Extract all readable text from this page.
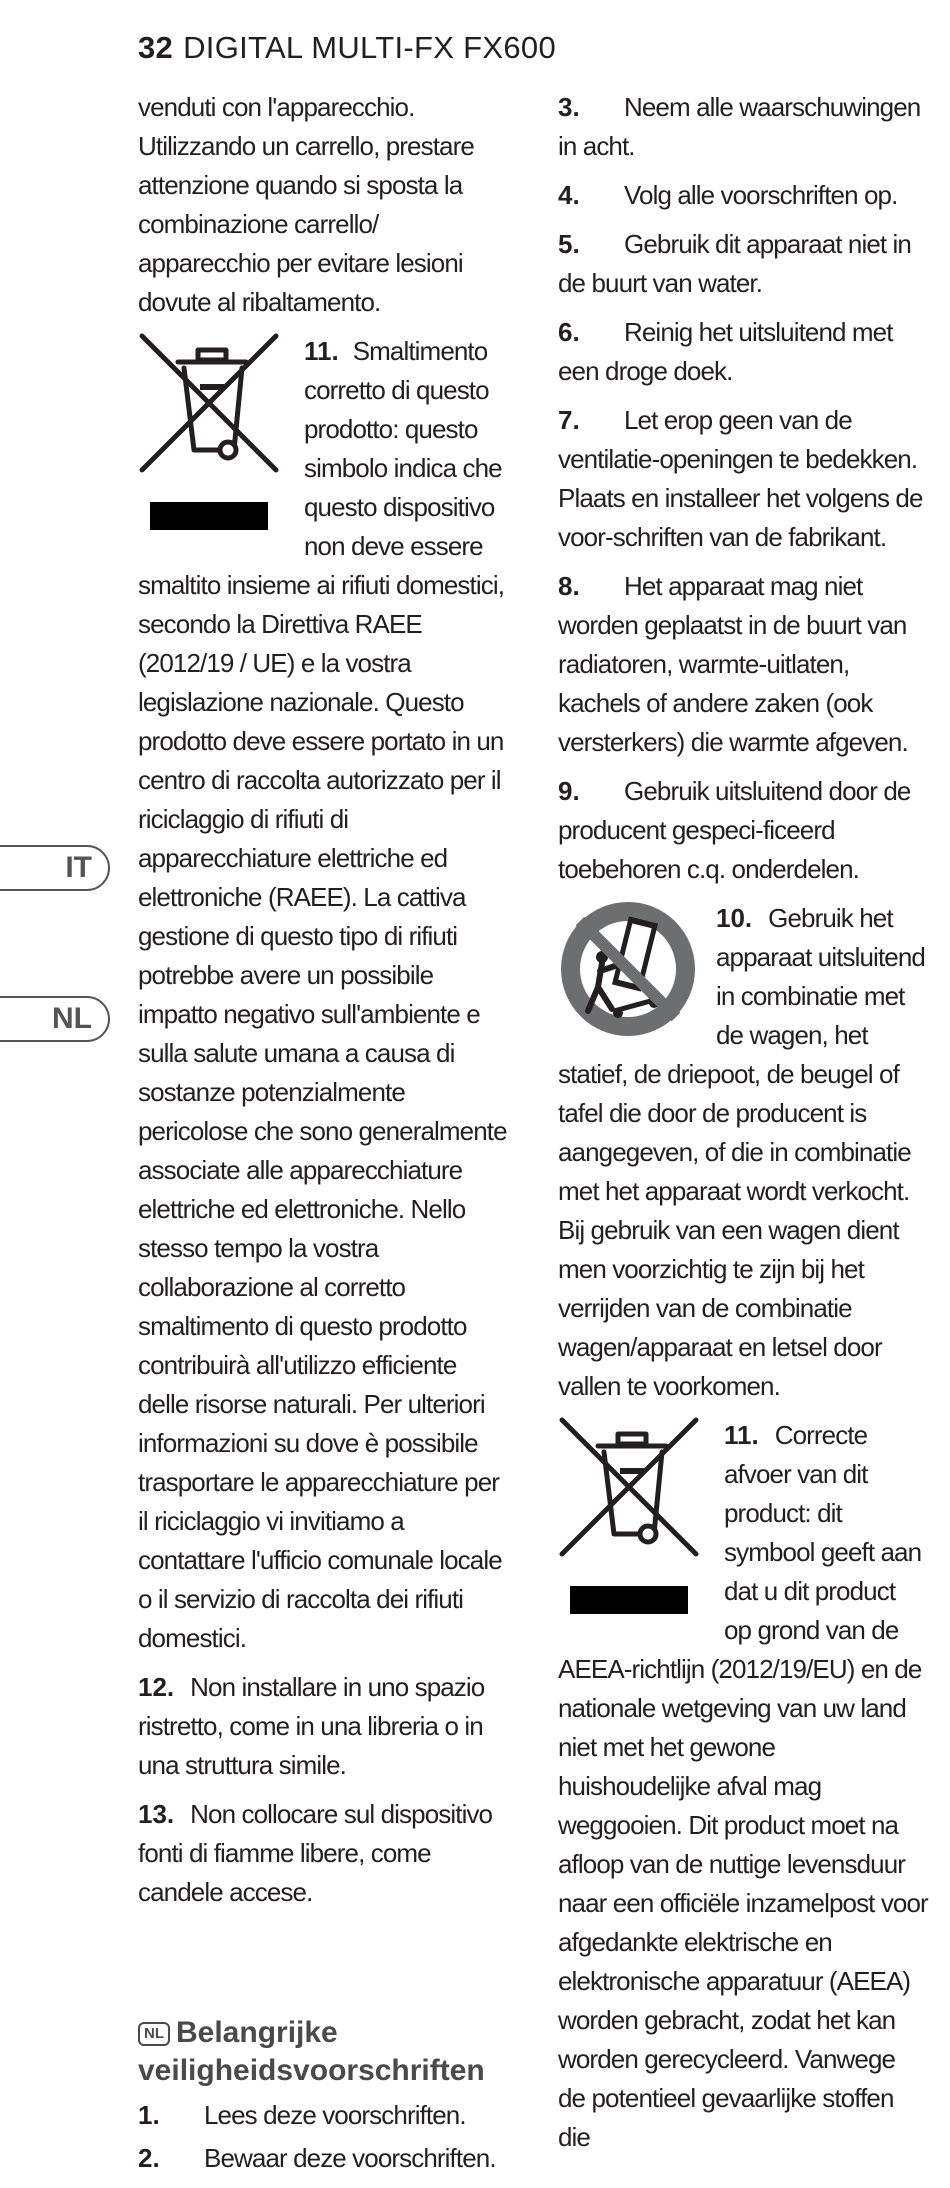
32 DIGITAL MULTI-FX FX600
IT
NL

venduti con l'apparecchio. Utilizzando un carrello, prestare attenzione quando si sposta la combinazione carrello/ apparecchio per evitare lesioni dovute al ribaltamento.

11. Smaltimento corretto di questo prodotto: questo simbolo indica che questo dispositivo non deve essere smaltito insieme ai rifiuti domestici, secondo la Direttiva RAEE (2012/19 / UE) e la vostra legislazione nazionale. Questo prodotto deve essere portato in un centro di raccolta autorizzato per il riciclaggio di rifiuti di apparecchiature elettriche ed elettroniche (RAEE). La cattiva gestione di questo tipo di rifiuti potrebbe avere un possibile impatto negativo sull'ambiente e sulla salute umana a causa di sostanze potenzialmente pericolose che sono generalmente associate alle apparecchiature elettriche ed elettroniche. Nello stesso tempo la vostra collaborazione al corretto smaltimento di questo prodotto contribuirà all'utilizzo efficiente delle risorse naturali. Per ulteriori informazioni su dove è possibile trasportare le apparecchiature per il riciclaggio vi invitiamo a contattare l'ufficio comunale locale o il servizio di raccolta dei rifiuti domestici.

12. Non installare in uno spazio ristretto, come in una libreria o in una struttura simile.

13. Non collocare sul dispositivo fonti di fiamme libere, come candele accese.

NL Belangrijke veiligheidsvoorschriften

1. Lees deze voorschriften.

2. Bewaar deze voorschriften.

3. Neem alle waarschuwingen in acht.

4. Volg alle voorschriften op.

5. Gebruik dit apparaat niet in de buurt van water.

6. Reinig het uitsluitend met een droge doek.

7. Let erop geen van de ventilatie-openingen te bedekken. Plaats en installeer het volgens de voor-schriften van de fabrikant.

8. Het apparaat mag niet worden geplaatst in de buurt van radiatoren, warmte-uitlaten, kachels of andere zaken (ook versterkers) die warmte afgeven.

9. Gebruik uitsluitend door de producent gespeci-ficeerd toebehoren c.q. onderdelen.

10. Gebruik het apparaat uitsluitend in combinatie met de wagen, het statief, de driepoot, de beugel of tafel die door de producent is aangegeven, of die in combinatie met het apparaat wordt verkocht. Bij gebruik van een wagen dient men voorzichtig te zijn bij het verrijden van de combinatie wagen/apparaat en letsel door vallen te voorkomen.

11. Correcte afvoer van dit product: dit symbool geeft aan dat u dit product op grond van de AEEA-richtlijn (2012/19/EU) en de nationale wetgeving van uw land niet met het gewone huishoudelijke afval mag weggooien. Dit product moet na afloop van de nuttige levensduur naar een officiële inzamelpost voor afgedankte elektrische en elektronische apparatuur (AEEA) worden gebracht, zodat het kan worden gerecycleerd. Vanwege de potentieel gevaarlijke stoffen die
